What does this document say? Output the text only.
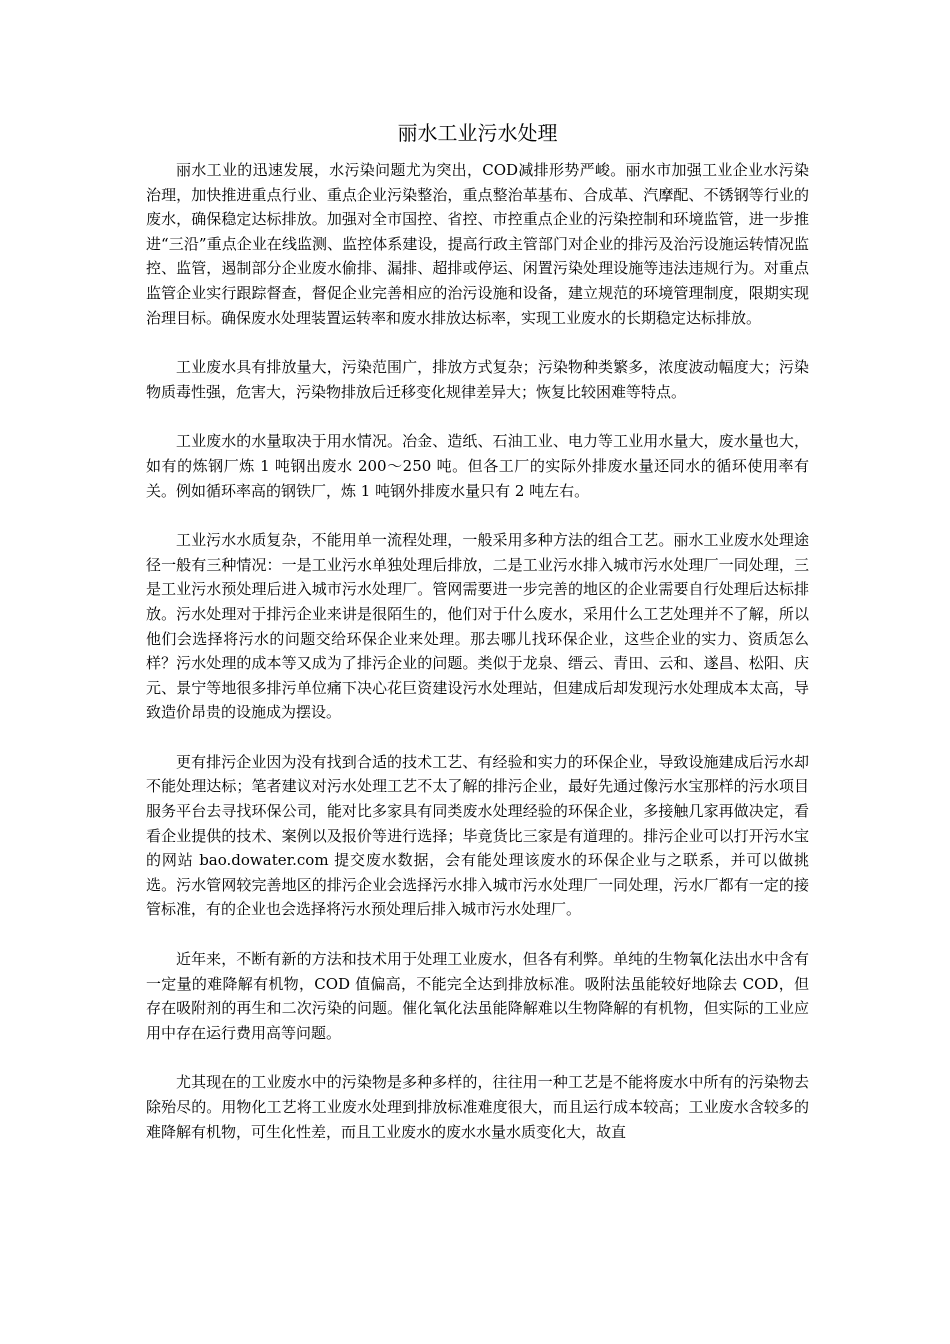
丽水工业污水处理

丽水工业的迅速发展，水污染问题尤为突出，COD减排形势严峻。丽水市加强工业企业水污染治理，加快推进重点行业、重点企业污染整治，重点整治革基布、合成革、汽摩配、不锈钢等行业的废水，确保稳定达标排放。加强对全市国控、省控、市控重点企业的污染控制和环境监管，进一步推进“三沿”重点企业在线监测、监控体系建设，提高行政主管部门对企业的排污及治污设施运转情况监控、监管，遏制部分企业废水偷排、漏排、超排或停运、闲置污染处理设施等违法违规行为。对重点监管企业实行跟踪督查，督促企业完善相应的治污设施和设备，建立规范的环境管理制度，限期实现治理目标。确保废水处理装置运转率和废水排放达标率，实现工业废水的长期稳定达标排放。

工业废水具有排放量大，污染范围广，排放方式复杂；污染物种类繁多，浓度波动幅度大；污染物质毒性强，危害大，污染物排放后迁移变化规律差异大；恢复比较困难等特点。

工业废水的水量取决于用水情况。冶金、造纸、石油工业、电力等工业用水量大，废水量也大，如有的炼钢厂炼 1 吨钢出废水 200～250 吨。但各工厂的实际外排废水量还同水的循环使用率有关。例如循环率高的钢铁厂，炼 1 吨钢外排废水量只有 2 吨左右。

工业污水水质复杂，不能用单一流程处理，一般采用多种方法的组合工艺。丽水工业废水处理途径一般有三种情况：一是工业污水单独处理后排放，二是工业污水排入城市污水处理厂一同处理，三是工业污水预处理后进入城市污水处理厂。管网需要进一步完善的地区的企业需要自行处理后达标排放。污水处理对于排污企业来讲是很陌生的，他们对于什么废水，采用什么工艺处理并不了解，所以他们会选择将污水的问题交给环保企业来处理。那去哪儿找环保企业，这些企业的实力、资质怎么样？污水处理的成本等又成为了排污企业的问题。类似于龙泉、缙云、青田、云和、遂昌、松阳、庆元、景宁等地很多排污单位痛下决心花巨资建设污水处理站，但建成后却发现污水处理成本太高，导致造价昂贵的设施成为摆设。

更有排污企业因为没有找到合适的技术工艺、有经验和实力的环保企业，导致设施建成后污水却不能处理达标；笔者建议对污水处理工艺不太了解的排污企业，最好先通过像污水宝那样的污水项目服务平台去寻找环保公司，能对比多家具有同类废水处理经验的环保企业，多接触几家再做决定，看看企业提供的技术、案例以及报价等进行选择；毕竟货比三家是有道理的。排污企业可以打开污水宝的网站 bao.dowater.com 提交废水数据，会有能处理该废水的环保企业与之联系，并可以做挑选。污水管网较完善地区的排污企业会选择污水排入城市污水处理厂一同处理，污水厂都有一定的接管标准，有的企业也会选择将污水预处理后排入城市污水处理厂。

近年来，不断有新的方法和技术用于处理工业废水，但各有利弊。单纯的生物氧化法出水中含有一定量的难降解有机物，COD 值偏高，不能完全达到排放标准。吸附法虽能较好地除去 COD，但存在吸附剂的再生和二次污染的问题。催化氧化法虽能降解难以生物降解的有机物，但实际的工业应用中存在运行费用高等问题。

尤其现在的工业废水中的污染物是多种多样的，往往用一种工艺是不能将废水中所有的污染物去除殆尽的。用物化工艺将工业废水处理到排放标准难度很大，而且运行成本较高；工业废水含较多的难降解有机物，可生化性差，而且工业废水的废水水量水质变化大，故直
